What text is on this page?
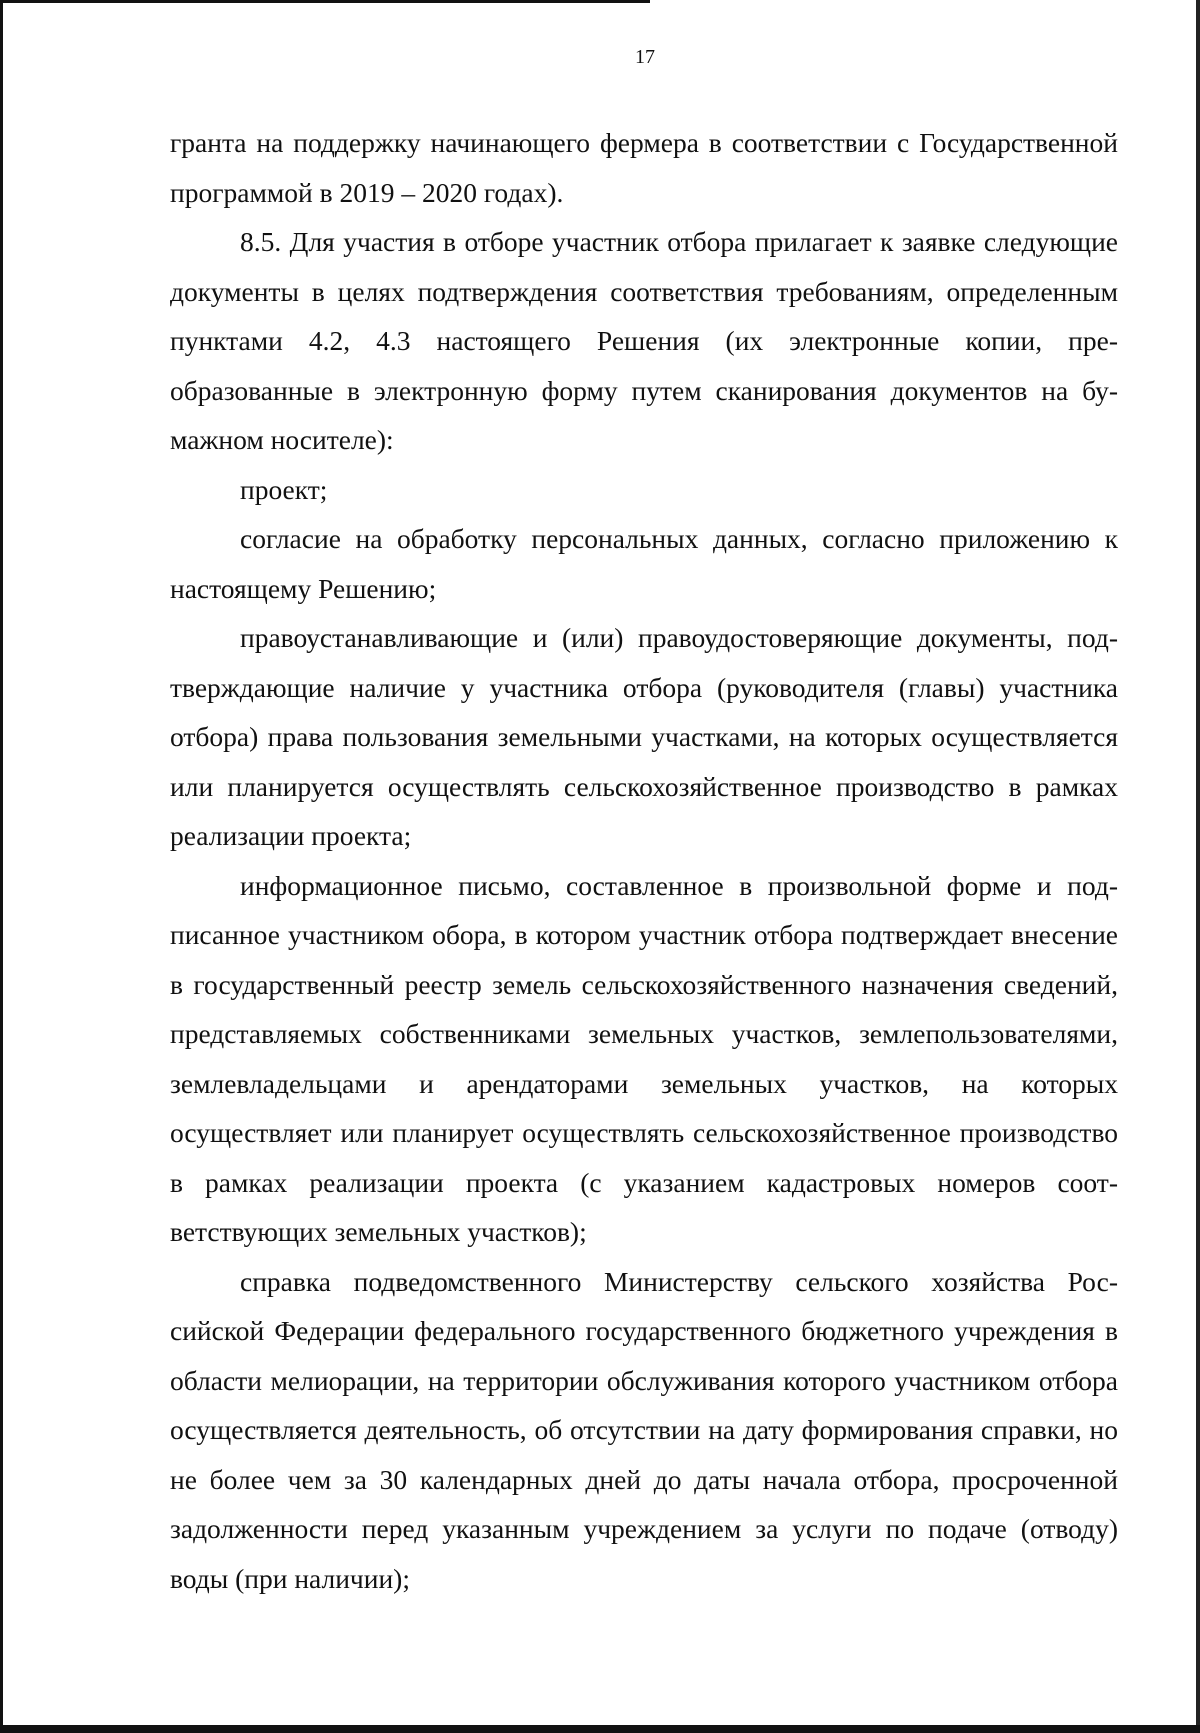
17

гранта на поддержку начинающего фермера в соответствии с Государственной программой в 2019 – 2020 годах).

8.5. Для участия в отборе участник отбора прилагает к заявке следующие документы в целях подтверждения соответствия требованиям, определенным пунктами 4.2, 4.3 настоящего Решения (их электронные копии, преобразованные в электронную форму путем сканирования документов на бумажном носителе):

проект;

согласие на обработку персональных данных, согласно приложению к настоящему Решению;

правоустанавливающие и (или) правоудостоверяющие документы, подтверждающие наличие у участника отбора (руководителя (главы) участника отбора) права пользования земельными участками, на которых осуществляется или планируется осуществлять сельскохозяйственное производство в рамках реализации проекта;

информационное письмо, составленное в произвольной форме и подписанное участником обора, в котором участник отбора подтверждает внесение в государственный реестр земель сельскохозяйственного назначения сведений, представляемых собственниками земельных участков, землепользователями, землевладельцами и арендаторами земельных участков, на которых осуществляет или планирует осуществлять сельскохозяйственное производство в рамках реализации проекта (с указанием кадастровых номеров соответствующих земельных участков);

справка подведомственного Министерству сельского хозяйства Российской Федерации федерального государственного бюджетного учреждения в области мелиорации, на территории обслуживания которого участником отбора осуществляется деятельность, об отсутствии на дату формирования справки, но не более чем за 30 календарных дней до даты начала отбора, просроченной задолженности перед указанным учреждением за услуги по подаче (отводу) воды (при наличии);
